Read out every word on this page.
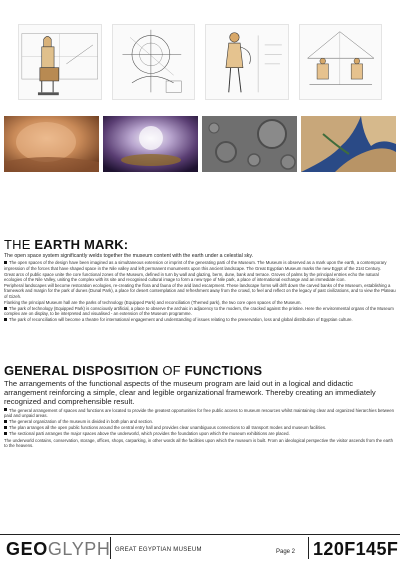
THE EARTH MARK:

The open space system significantly welds together the museum content with the earth under a celestial sky.

The open spaces of the design have been imagined as a simultaneous extension or imprint of the generating parti of the Museum. The Museum is observed as a mark upon the earth, a contemporary impression of the forces that have shaped space in the Nile valley and left permanent monuments upon this ancient landscape. The Great Egyptian Museum marks the new Egypt of the 21st Century.

Great arcs of public space unite the core functional zones of the Museum, defined in turn by wall and glazing, berm, dune, bank and terrace. Groves of palms by the principal entries echo the natural ecologies of the Nile Valley, uniting the complex with its site and recognised cultural image to form a new type of Nile park, a place of international exchange and an immediate icon.

Peripheral landscapes will become restoration ecologies, re-creating the flora and fauna of the arid land escarpment. These landscape forms will drift down the carved banks of the Museum, establishing a framework and margin for the park of dunes (Dunal Park), a place for desert contemplation and refreshment away from the crowd, to feel and reflect on the legacy of past civilizations, and to view the Plateau of Gizeh.

Flanking the principal Museum hall are the parks of technology (Equipped Park) and reconciliation (Themed park), the two core open spaces of the Museum.

The park of technology (Equipped Park) is consciously artificial, a place to observe the archaic in adjacency to the modern, the cracked against the pristine. Here the environmental organs of the Museum complex are on display, to be interpreted and visualised - an extension of the Museum programme.

The park of reconciliation will become a theatre for international engagement and understanding of issues relating to the preservation, loss and global distribution of Egyptian culture.

GENERAL DISPOSITION OF FUNCTIONS

The arrangements of the functional aspects of the museum program are laid out in a logical and didactic arrangement reinforcing a simple, clear and legible organizational framework. Thereby creating an immediately recognized and comprehensible result.

The general arrangement of spaces and functions are located to provide the greatest opportunities for free public access to museum resources whilst maintaining clear and organized hierarchies between paid and unpaid areas.

The general organization of the museum is divided in both plan and section.

The plan arranges all the open public functions around the central entry hall and provides clear unambiguous connections to all transport modes and museum facilities.

The sectional parti arranges the major spaces above the underworld, which provides the foundation upon which the museum exhibitions are placed.

The underworld contains, conservation, storage, offices, shops, carparking, in other words all the facilities upon which the museum is built. From an ideological perspective the visitor ascends from the earth to the heavens.

GEOGLYPH GREAT EGYPTIAN MUSEUM	Page 2 120F145F
